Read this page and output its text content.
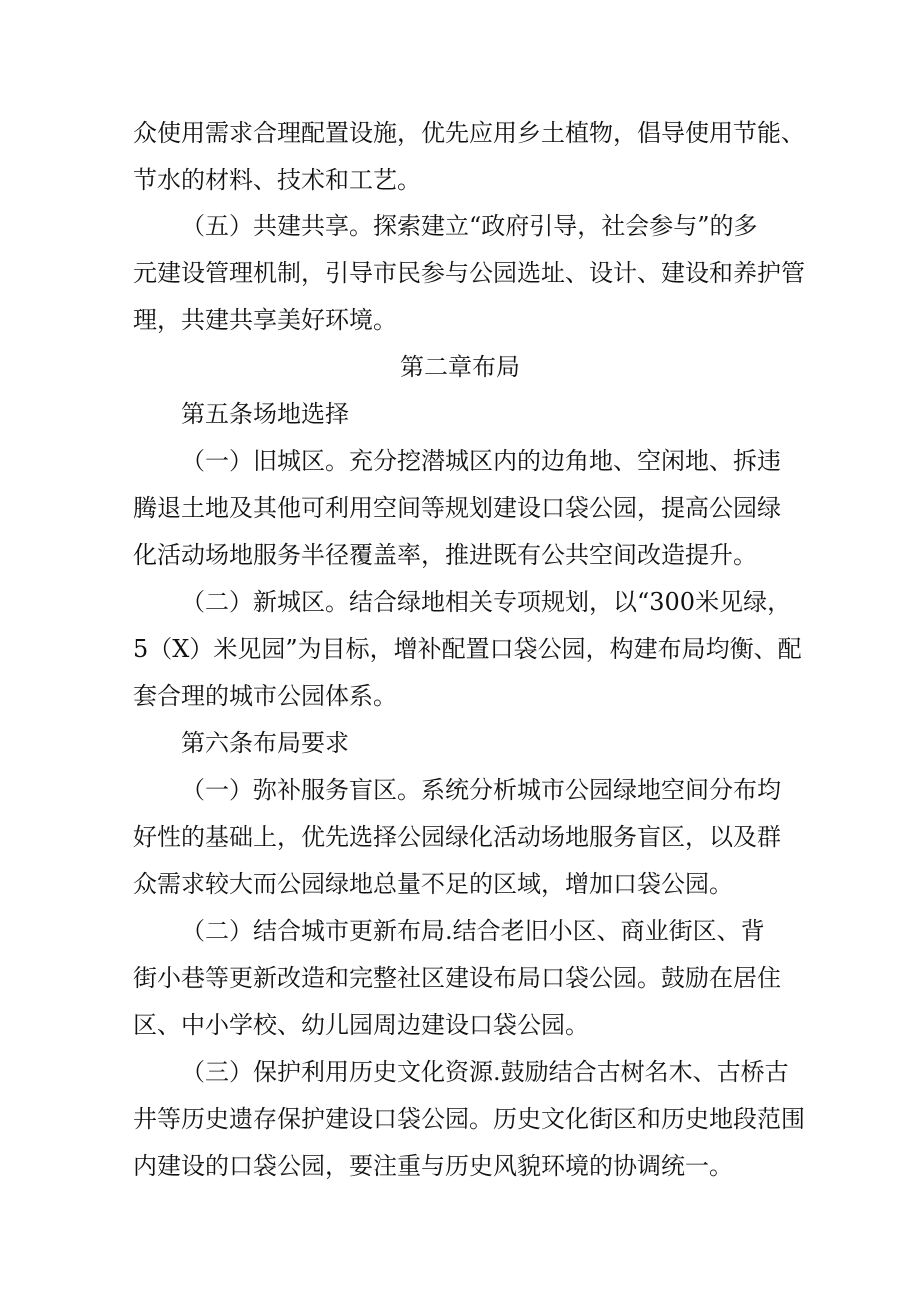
众使用需求合理配置设施，优先应用乡土植物，倡导使用节能、
节水的材料、技术和工艺。
（五）共建共享。探索建立“政府引导，社会参与”的多
元建设管理机制，引导市民参与公园选址、设计、建设和养护管
理，共建共享美好环境。
第二章布局
第五条场地选择
（一）旧城区。充分挖潜城区内的边角地、空闲地、拆违
腾退土地及其他可利用空间等规划建设口袋公园，提高公园绿
化活动场地服务半径覆盖率，推进既有公共空间改造提升。
（二）新城区。结合绿地相关专项规划，以“300米见绿，
5（X）米见园”为目标，增补配置口袋公园，构建布局均衡、配
套合理的城市公园体系。
第六条布局要求
（一）弥补服务盲区。系统分析城市公园绿地空间分布均
好性的基础上，优先选择公园绿化活动场地服务盲区，以及群
众需求较大而公园绿地总量不足的区域，增加口袋公园。
（二）结合城市更新布局.结合老旧小区、商业街区、背
街小巷等更新改造和完整社区建设布局口袋公园。鼓励在居住
区、中小学校、幼儿园周边建设口袋公园。
（三）保护利用历史文化资源.鼓励结合古树名木、古桥古
井等历史遗存保护建设口袋公园。历史文化街区和历史地段范围
内建设的口袋公园，要注重与历史风貌环境的协调统一。
